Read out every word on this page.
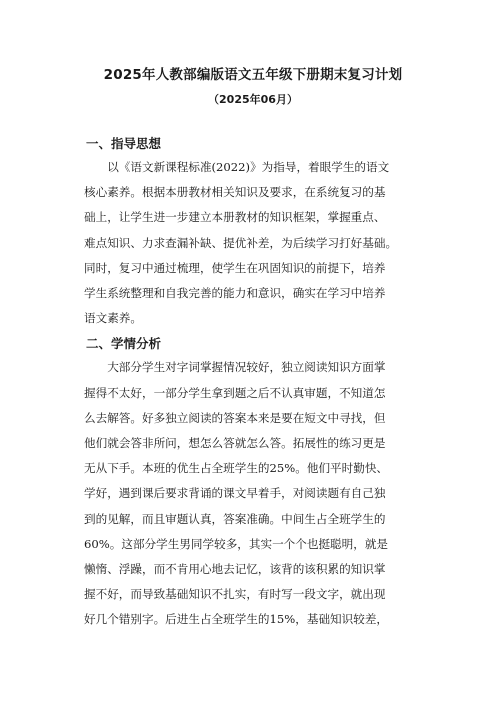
2025年人教部编版语文五年级下册期末复习计划
（2025年06月）
一、指导思想
以《语文新课程标准(2022)》为指导，着眼学生的语文
核心素养。根据本册教材相关知识及要求，在系统复习的基
础上，让学生进一步建立本册教材的知识框架，掌握重点、
难点知识、力求查漏补缺、提优补差，为后续学习打好基础。
同时，复习中通过梳理，使学生在巩固知识的前提下，培养
学生系统整理和自我完善的能力和意识，确实在学习中培养
语文素养。
二、学情分析
大部分学生对字词掌握情况较好，独立阅读知识方面掌
握得不太好，一部分学生拿到题之后不认真审题，不知道怎
么去解答。好多独立阅读的答案本来是要在短文中寻找，但
他们就会答非所问，想怎么答就怎么答。拓展性的练习更是
无从下手。本班的优生占全班学生的25%。他们平时勤快、
学好，遇到课后要求背诵的课文早着手，对阅读题有自己独
到的见解，而且审题认真，答案准确。中间生占全班学生的
60%。这部分学生男同学较多，其实一个个也挺聪明，就是
懒惰、浮躁，而不肯用心地去记忆，该背的该积累的知识掌
握不好，而导致基础知识不扎实，有时写一段文字，就出现
好几个错别字。后进生占全班学生的15%，基础知识较差，
